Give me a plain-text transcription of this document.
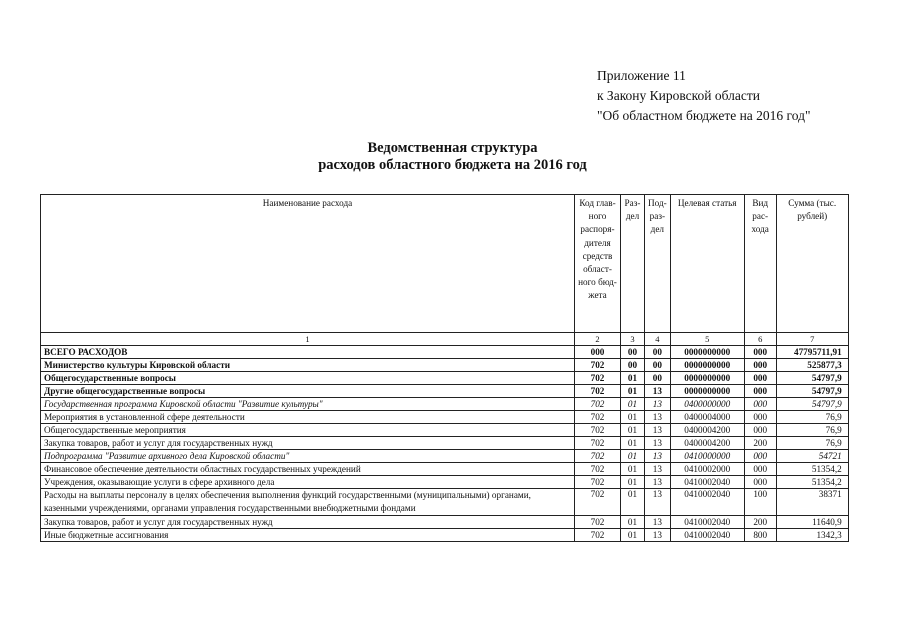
Приложение 11
к Закону Кировской области
"Об областном бюджете на 2016 год"
Ведомственная структура
расходов областного бюджета на 2016 год
Наименование расхода	Код глав-ного распоря-дителя средств област-ного бюд-жета	Раз-дел	Под-раз-дел	Целевая статья	Вид рас-хода	Сумма (тыс. рублей)
1	2	3	4	5	6	7
ВСЕГО РАСХОДОВ	000	00	00	0000000000	000	47795711,91
Министерство культуры Кировской области	702	00	00	0000000000	000	525877,3
Общегосударственные вопросы	702	01	00	0000000000	000	54797,9
Другие общегосударственные вопросы	702	01	13	0000000000	000	54797,9
Государственная программа Кировской области "Развитие культуры"	702	01	13	0400000000	000	54797,9
Мероприятия в установленной сфере деятельности	702	01	13	0400004000	000	76,9
Общегосударственные мероприятия	702	01	13	0400004200	000	76,9
Закупка товаров, работ и услуг для государственных нужд	702	01	13	0400004200	200	76,9
Подпрограмма "Развитие архивного дела Кировской области"	702	01	13	0410000000	000	54721
Финансовое обеспечение деятельности областных государственных учреждений	702	01	13	0410002000	000	51354,2
Учреждения, оказывающие услуги в сфере архивного дела	702	01	13	0410002040	000	51354,2
Расходы на выплаты персоналу в целях обеспечения выполнения функций государственными (муниципальными) органами, казенными учреждениями, органами управления государственными внебюджетными фондами	702	01	13	0410002040	100	38371
Закупка товаров, работ и услуг для государственных нужд	702	01	13	0410002040	200	11640,9
Иные бюджетные ассигнования	702	01	13	0410002040	800	1342,3
